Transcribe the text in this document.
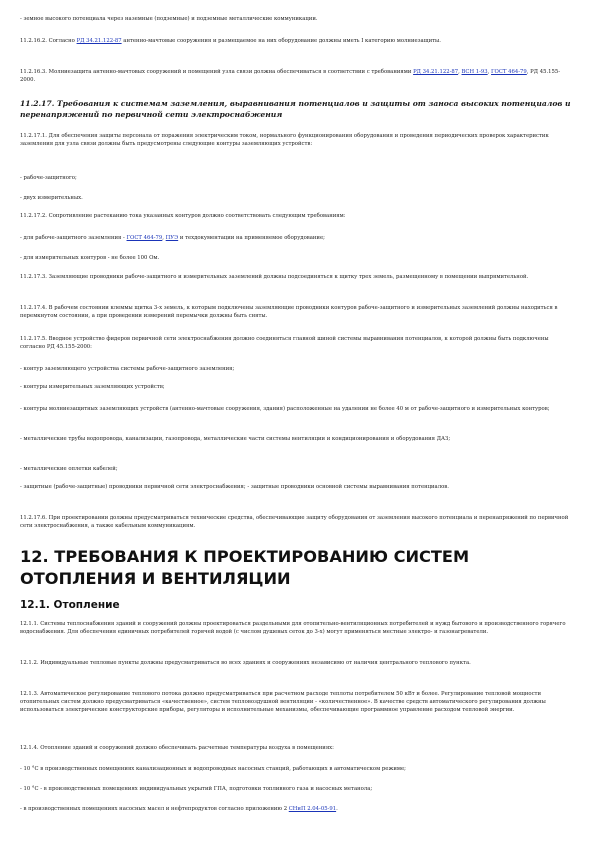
- земное высокого потенциала через наземные (подземные) и подземные металлические коммуникации.

11.2.16.2. Согласно РД 34.21.122-87 антенно-мачтовые сооружения и размещаемое на них оборудование должны иметь I категорию молниезащиты.

11.2.16.3. Молниезащита антенно-мачтовых сооружений и помещений узла связи должна обеспечиваться в соответствии с требованиями РД 34.21.122-87, ВСН 1-93, ГОСТ 464-79, РД 45.155-2000.

11.2.17. Требования к системам заземления, выравнивания потенциалов и защиты от заноса высоких потенциалов и перенапряжений по первичной сети электроснабжения

11.2.17.1. Для обеспечения защиты персонала от поражения электрическим током, нормального функционирования оборудования и проведения периодических проверок характеристик заземления для узла связи должны быть предусмотрены следующие контуры заземляющих устройств:

- рабоче-защитного;

- двух измерительных.

11.2.17.2. Сопротивление растеканию тока указанных контуров должно соответствовать следующим требованиям:

- для рабоче-защитного заземления - ГОСТ 464-79, ПУЭ и техдокументации на применяемое оборудование;

- для измерительных контуров - не более 100 Ом.

11.2.17.3. Заземляющие проводники рабоче-защитного и измерительных заземлений должны подсоединяться к щитку трех земель, размещенному в помещении выпрямительной.

11.2.17.4. В рабочем состоянии клеммы щитка 3-х земель, к которым подключены заземляющие проводники контуров рабоче-защитного и измерительных заземлений должны находиться в перемкнутом состоянии, а при проведении измерений перемычки должны быть сняты.

11.2.17.5. Вводное устройство фидеров первичной сети электроснабжения должно соединяться главной шиной системы выравнивания потенциалов, к которой должны быть подключены согласно РД 45.155-2000:

- контур заземляющего устройства системы рабоче-защитного заземления;

- контуры измерительных заземляющих устройств;

- контуры молниезащитных заземляющих устройств (антенно-мачтовые сооружения, здания) расположенные на удалении не более 40 м от рабоче-защитного и измерительных контуров;

- металлические трубы водопровода, канализации, газопровода, металлические части системы вентиляции и кондиционирования и оборудования ДАЗ;

- металлические оплетки кабелей;

- защитные (рабоче-защитные) проводники первичной сети электроснабжения; - защитные проводники основной системы выравнивания потенциалов.

11.2.17.6. При проектировании должны предусматриваться технические средства, обеспечивающие защиту оборудования от заземления высокого потенциала и перенапряжений по первичной сети электроснабжения, а также кабельным коммуникациям.

12. ТРЕБОВАНИЯ К ПРОЕКТИРОВАНИЮ СИСТЕМ ОТОПЛЕНИЯ И ВЕНТИЛЯЦИИ
12.1. Отопление

12.1.1. Системы теплоснабжения зданий и сооружений должны проектироваться раздельными для отопительно-вентиляционных потребителей и нужд бытового и производственного горячего водоснабжения. Для обеспечения единичных потребителей горячей водой (с числом душевых сеток до 3-х) могут применяться местные электро- и газонагреватели.

12.1.2. Индивидуальные тепловые пункты должны предусматриваться во всех зданиях и сооружениях независимо от наличия центрального теплового пункта.

12.1.3. Автоматическое регулирование теплового потока должно предусматриваться при расчетном расходе теплоты потребителем 50 кВт и более. Регулирование тепловой мощности отопительных систем должно предусматриваться «качественное», систем тепловоздушной вентиляции - «количественное». В качестве средств автоматического регулирования должны использоваться электрические конструкторские приборы, регуляторы и исполнительные механизмы, обеспечивающие программное управление расходом тепловой энергии.

12.1.4. Отопление зданий и сооружений должно обеспечивать расчетные температуры воздуха в помещениях:

- 10 °С в производственных помещениях канализационных и водопроводных насосных станций, работающих в автоматическом режиме;

- 10 °С - в производственных помещениях индивидуальных укрытий ГПА, подготовки топливного газа и насосных метанола;

- в производственных помещениях насосных масел и нефтепродуктов согласно приложению 2 СНиП 2.04-05-91.
